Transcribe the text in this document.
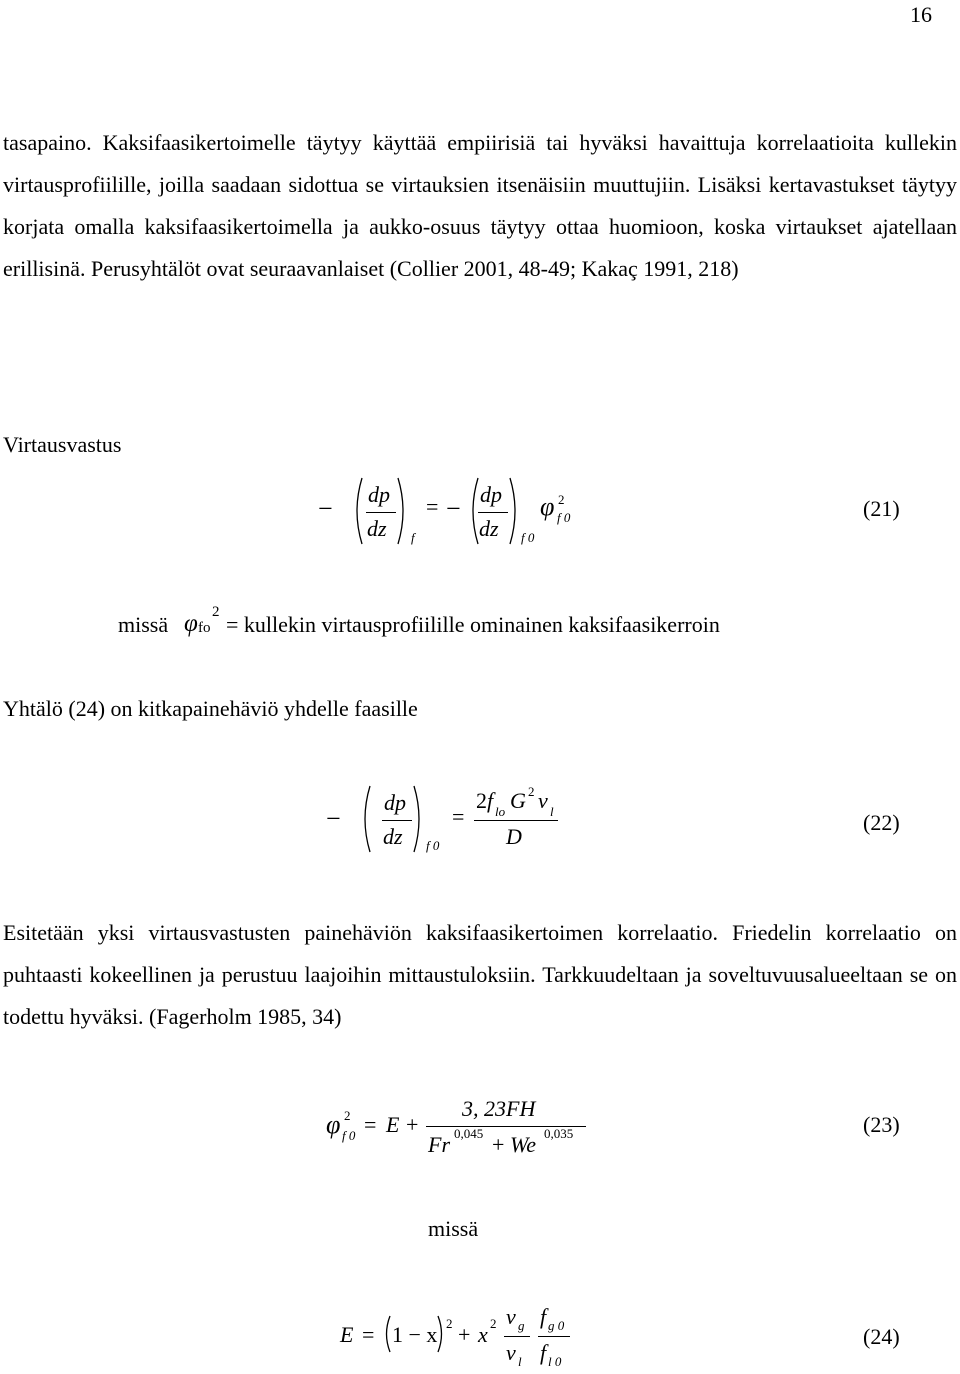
16

tasapaino. Kaksifaasikertoimelle täytyy käyttää empiirisiä tai hyväksi havaittuja korrelaatioita kullekin virtausprofiilille, joilla saadaan sidottua se virtauksien itsenäisiin muuttujiin. Lisäksi kertavastukset täytyy korjata omalla kaksifaasikertoimella ja aukko-osuus täytyy ottaa huomioon, koska virtaukset ajatellaan erillisinä. Perusyhtälöt ovat seuraavanlaiset (Collier 2001, 48-49; Kakaç 1991, 218)

Virtausvastus
− dp
dz f
= − dp
dz f 0
φ 2
f 0	(21)
missä φ fo
2 = kullekin virtausprofiilille ominainen kaksifaasikerroin
Yhtälö (24) on kitkapainehäviö yhdelle faasille
−
dp
dz f 0
=
2 f lo G 2 v l
D
(22)

Esitetään yksi virtausvastusten painehäviön kaksifaasikertoimen korrelaatio. Friedelin korrelaatio on puhtaasti kokeellinen ja perustuu laajoihin mittaustuloksiin. Tarkkuudeltaan ja soveltuvuusalueeltaan se on todettu hyväksi. (Fagerholm 1985, 34)

φ 2
f 0 = E +
3, 23FH
Fr 0,045 + We 0,035	(23)
missä
E = 1 − x 2 + x 2 v g
v l
f g 0
f l 0
(24)
